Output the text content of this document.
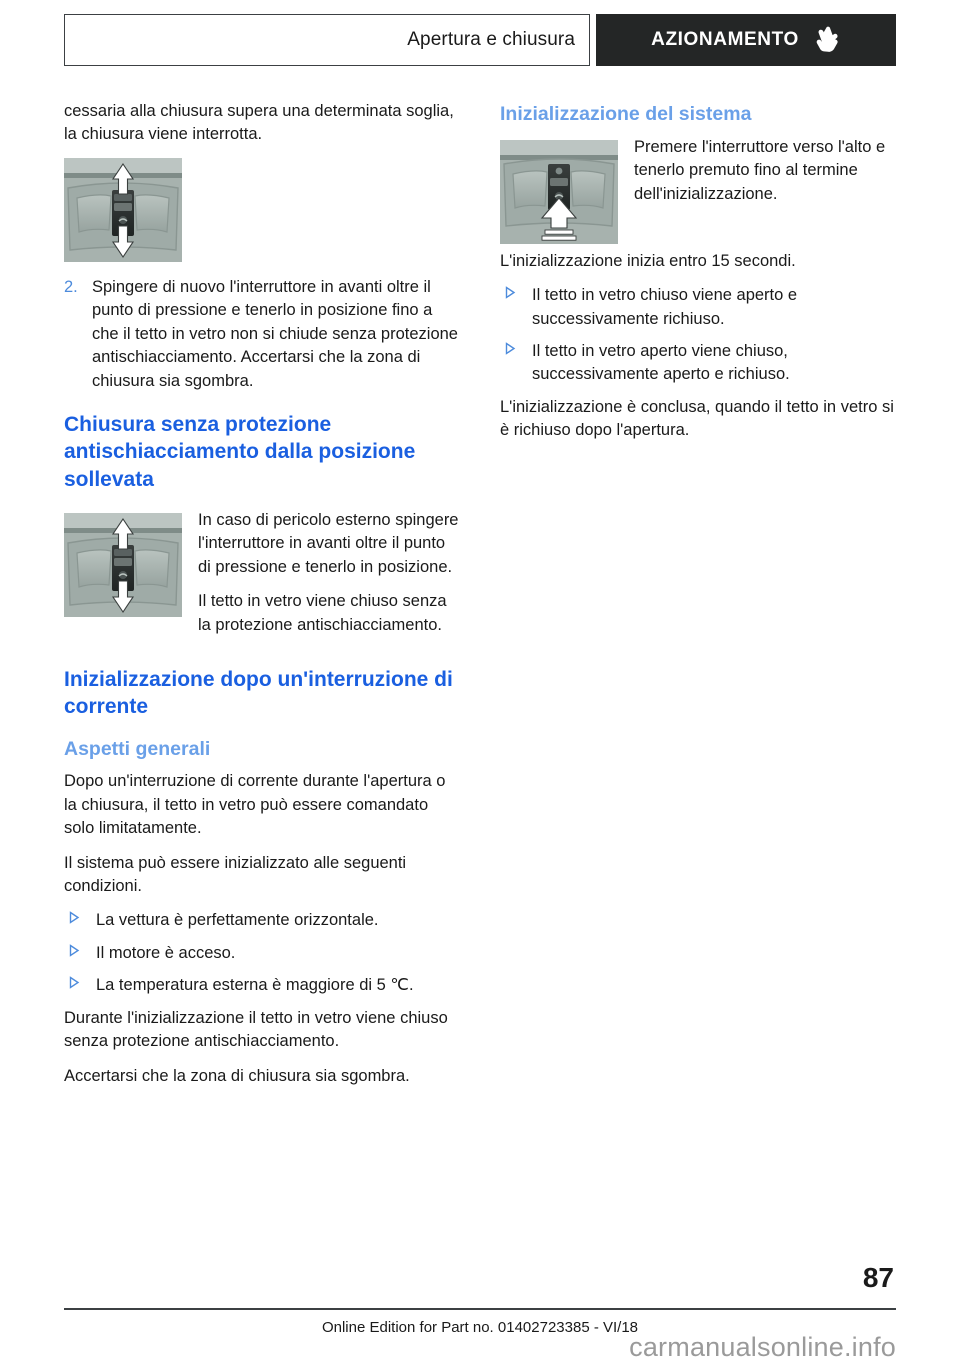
Apertura e chiusura	AZIONAMENTO

cessaria alla chiusura supera una determinata soglia, la chiusura viene interrotta.

2. Spingere di nuovo l'interruttore in avanti oltre il punto di pressione e tenerlo in posizione fino a che il tetto in vetro non si chiude senza protezione antischiacciamento. Accertarsi che la zona di chiusura sia sgombra.
Chiusura senza protezione antischiacciamento dalla posizione sollevata

In caso di pericolo esterno spingere l'interruttore in avanti oltre il punto di pressione e tenerlo in posizione.

Il tetto in vetro viene chiuso senza la protezione antischiacciamento.

Inizializzazione dopo un'interruzione di corrente
Aspetti generali

Dopo un'interruzione di corrente durante l'apertura o la chiusura, il tetto in vetro può essere comandato solo limitatamente.

Il sistema può essere inizializzato alle seguenti condizioni.

La vettura è perfettamente orizzontale.
Il motore è acceso.
La temperatura esterna è maggiore di 5 ℃.

Durante l'inizializzazione il tetto in vetro viene chiuso senza protezione antischiacciamento.

Accertarsi che la zona di chiusura sia sgombra.

Inizializzazione del sistema

Premere l'interruttore verso l'alto e tenerlo premuto fino al termine dell'inizializzazione.

L'inizializzazione inizia entro 15 secondi.

Il tetto in vetro chiuso viene aperto e successivamente richiuso.
Il tetto in vetro aperto viene chiuso, successivamente aperto e richiuso.

L'inizializzazione è conclusa, quando il tetto in vetro si è richiuso dopo l'apertura.

87
Online Edition for Part no. 01402723385 - VI/18
carmanualsonline.info
